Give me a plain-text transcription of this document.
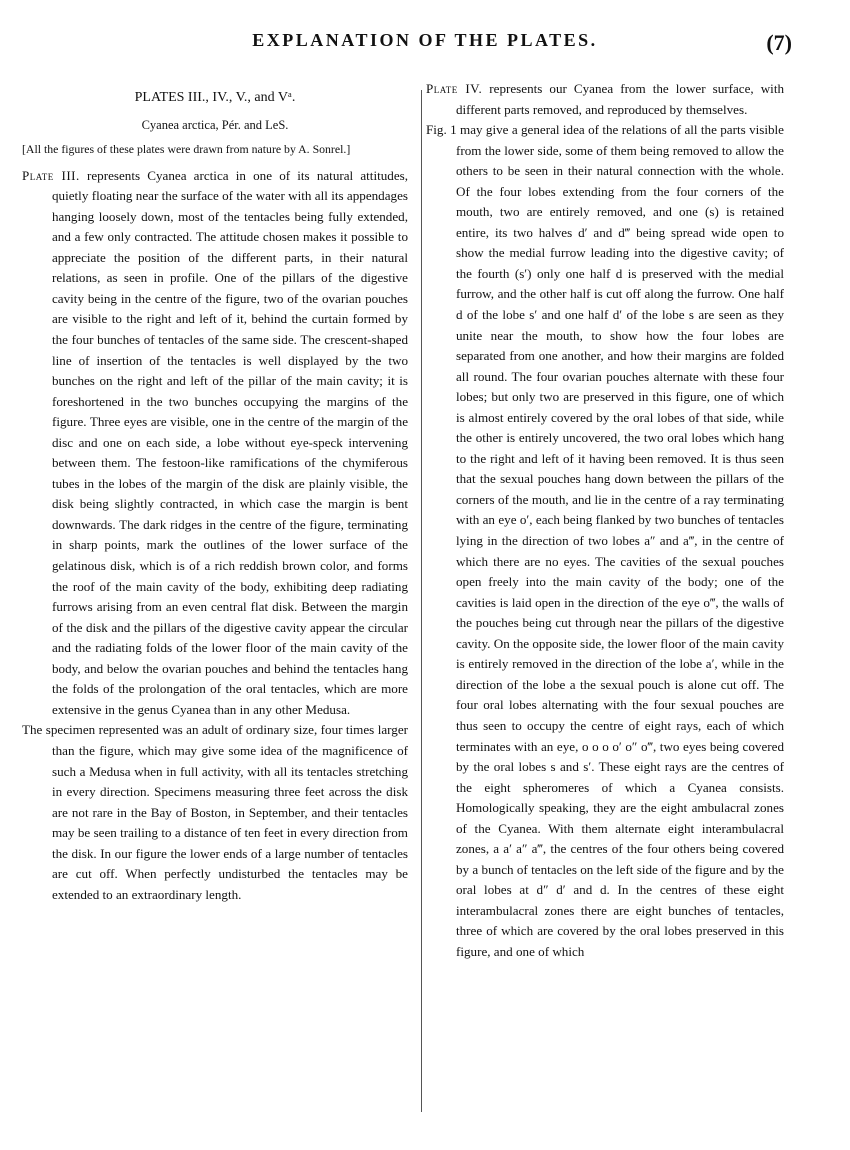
EXPLANATION OF THE PLATES.	(7)
PLATES III., IV., V., and Vᵃ.
Cyanea arctica, Pér. and LeS.
[All the figures of these plates were drawn from nature by A. Sonrel.]

Plate III. represents Cyanea arctica in one of its natural attitudes, quietly floating near the surface of the water with all its appendages hanging loosely down, most of the tentacles being fully extended, and a few only contracted. The attitude chosen makes it possible to appreciate the position of the different parts, in their natural relations, as seen in profile. One of the pillars of the digestive cavity being in the centre of the figure, two of the ovarian pouches are visible to the right and left of it, behind the curtain formed by the four bunches of tentacles of the same side. The crescent-shaped line of insertion of the tentacles is well displayed by the two bunches on the right and left of the pillar of the main cavity; it is foreshortened in the two bunches occupying the margins of the figure. Three eyes are visible, one in the centre of the margin of the disc and one on each side, a lobe without eye-speck intervening between them. The festoon-like ramifications of the chymiferous tubes in the lobes of the margin of the disk are plainly visible, the disk being slightly contracted, in which case the margin is bent downwards. The dark ridges in the centre of the figure, terminating in sharp points, mark the outlines of the lower surface of the gelatinous disk, which is of a rich reddish brown color, and forms the roof of the main cavity of the body, exhibiting deep radiating furrows arising from an even central flat disk. Between the margin of the disk and the pillars of the digestive cavity appear the circular and the radiating folds of the lower floor of the main cavity of the body, and below the ovarian pouches and behind the tentacles hang the folds of the prolongation of the oral tentacles, which are more extensive in the genus Cyanea than in any other Medusa.

The specimen represented was an adult of ordinary size, four times larger than the figure, which may give some idea of the magnificence of such a Medusa when in full activity, with all its tentacles stretching in every direction. Specimens measuring three feet across the disk are not rare in the Bay of Boston, in September, and their tentacles may be seen trailing to a distance of ten feet in every direction from the disk. In our figure the lower ends of a large number of tentacles are cut off. When perfectly undisturbed the tentacles may be extended to an extraordinary length.

Plate IV. represents our Cyanea from the lower surface, with different parts removed, and reproduced by themselves.

Fig. 1 may give a general idea of the relations of all the parts visible from the lower side, some of them being removed to allow the others to be seen in their natural connection with the whole. Of the four lobes extending from the four corners of the mouth, two are entirely removed, and one (s) is retained entire, its two halves d′ and d‴ being spread wide open to show the medial furrow leading into the digestive cavity; of the fourth (s′) only one half d is preserved with the medial furrow, and the other half is cut off along the furrow. One half d of the lobe s′ and one half d′ of the lobe s are seen as they unite near the mouth, to show how the four lobes are separated from one another, and how their margins are folded all round. The four ovarian pouches alternate with these four lobes; but only two are preserved in this figure, one of which is almost entirely covered by the oral lobes of that side, while the other is entirely uncovered, the two oral lobes which hang to the right and left of it having been removed. It is thus seen that the sexual pouches hang down between the pillars of the corners of the mouth, and lie in the centre of a ray terminating with an eye o′, each being flanked by two bunches of tentacles lying in the direction of two lobes a″ and a‴, in the centre of which there are no eyes. The cavities of the sexual pouches open freely into the main cavity of the body; one of the cavities is laid open in the direction of the eye o‴, the walls of the pouches being cut through near the pillars of the digestive cavity. On the opposite side, the lower floor of the main cavity is entirely removed in the direction of the lobe a′, while in the direction of the lobe a the sexual pouch is alone cut off. The four oral lobes alternating with the four sexual pouches are thus seen to occupy the centre of eight rays, each of which terminates with an eye, o o o o′ o″ o‴, two eyes being covered by the oral lobes s and s′. These eight rays are the centres of the eight spheromeres of which a Cyanea consists. Homologically speaking, they are the eight ambulacral zones of the Cyanea. With them alternate eight interambulacral zones, a a′ a″ a‴, the centres of the four others being covered by a bunch of tentacles on the left side of the figure and by the oral lobes at d″ d′ and d. In the centres of these eight interambulacral zones there are eight bunches of tentacles, three of which are covered by the oral lobes preserved in this figure, and one of which
